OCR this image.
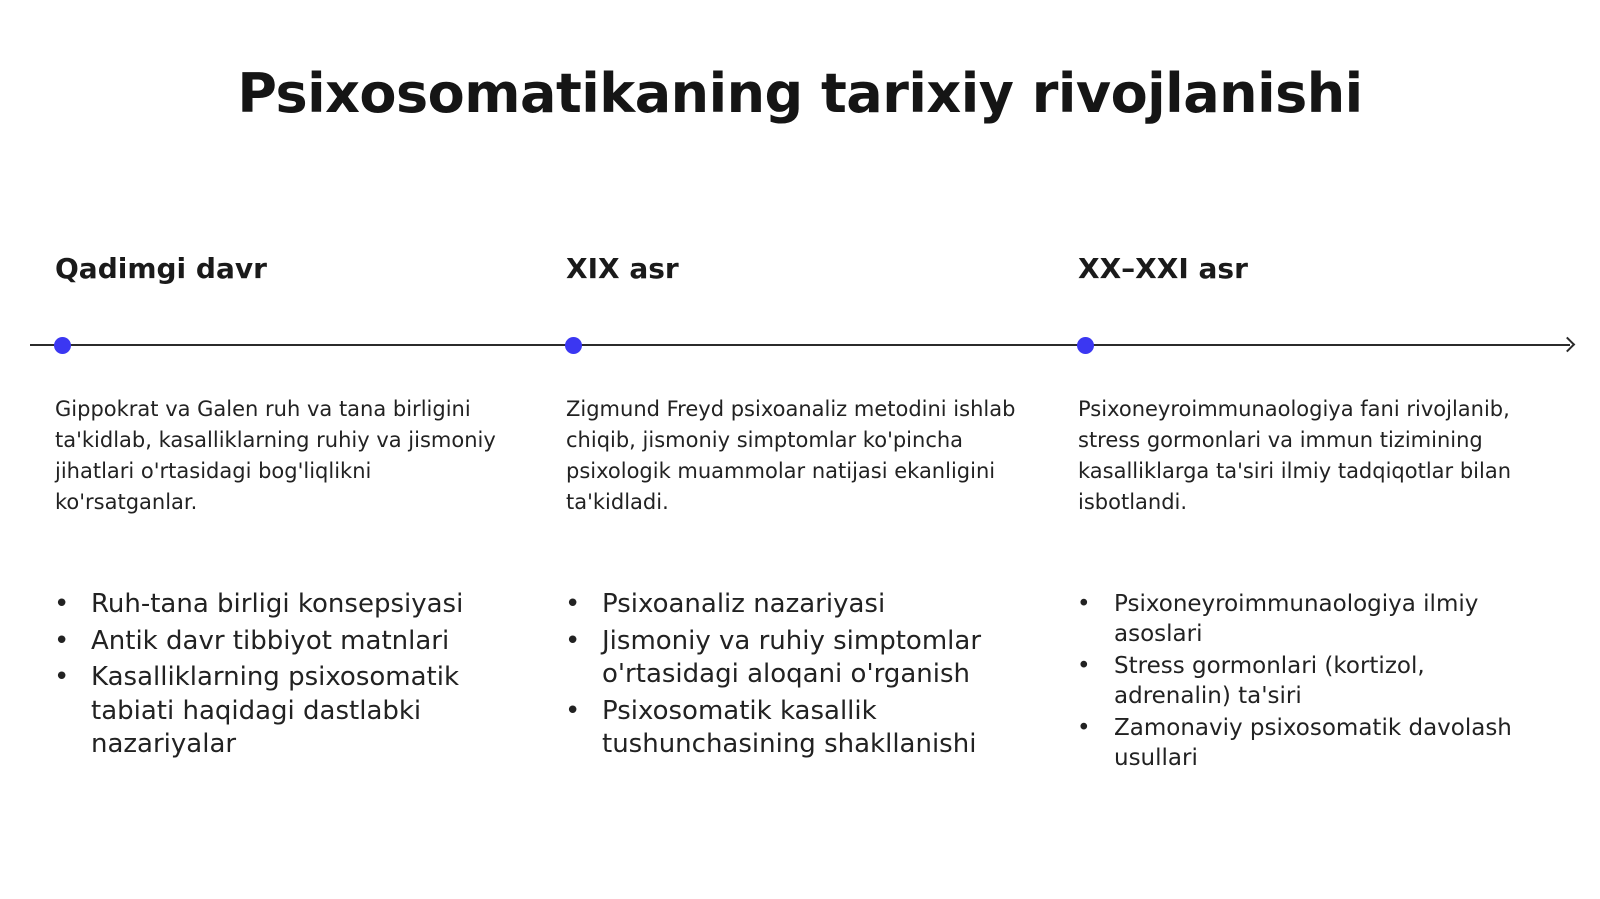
Psixosomatikaning tarixiy rivojlanishi
Qadimgi davr	XIX asr	XX–XXI asr

Gippokrat va Galen ruh va tana birligini ta'kidlab, kasalliklarning ruhiy va jismoniy jihatlari o'rtasidagi bog'liqlikni ko'rsatganlar.

Zigmund Freyd psixoanaliz metodini ishlab chiqib, jismoniy simptomlar ko'pincha psixologik muammolar natijasi ekanligini ta'kidladi.

Psixoneyroimmunaologiya fani rivojlanib, stress gormonlari va immun tizimining kasalliklarga ta'siri ilmiy tadqiqotlar bilan isbotlandi.

• Ruh-tana birligi konsepsiyasi
• Antik davr tibbiyot matnlari
• Kasalliklarning psixosomatik tabiati haqidagi dastlabki nazariyalar
• Psixoanaliz nazariyasi
• Jismoniy va ruhiy simptomlar o'rtasidagi aloqani o'rganish
• Psixosomatik kasallik tushunchasining shakllanishi
• Psixoneyroimmunaologiya ilmiy asoslari
• Stress gormonlari (kortizol, adrenalin) ta'siri
• Zamonaviy psixosomatik davolash usullari
